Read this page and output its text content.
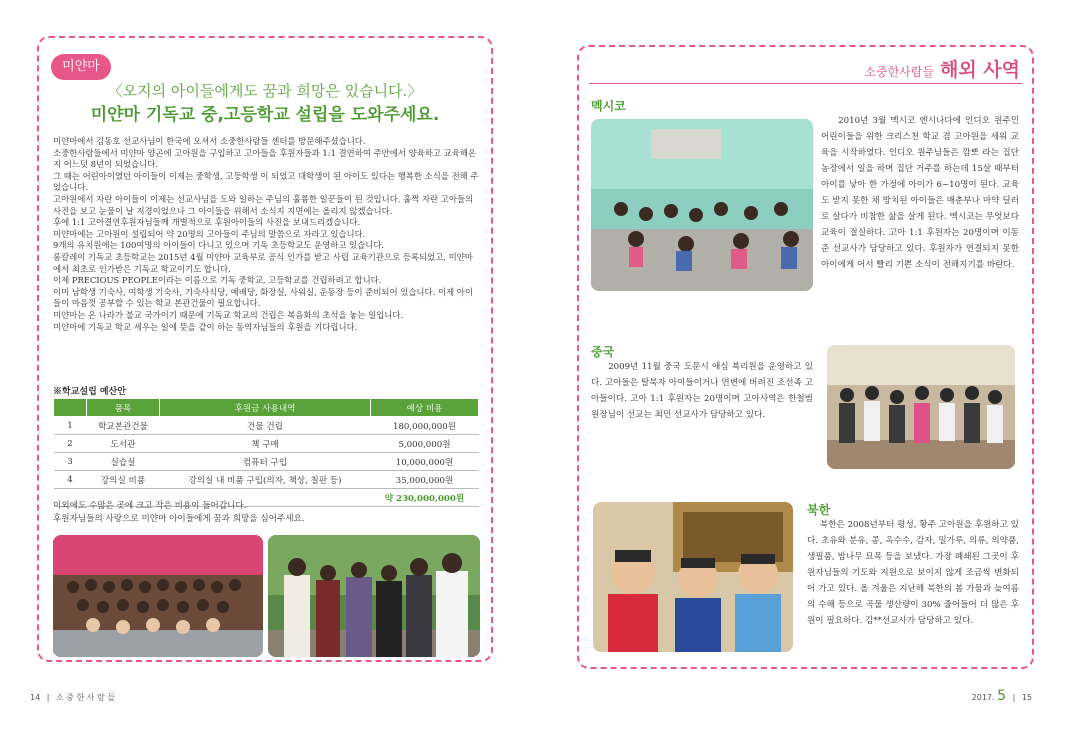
미얀마
〈오지의 아이들에게도 꿈과 희망은 있습니다.〉
미얀마 기독교 중,고등학교 설립을 도와주세요.

미얀마에서 김동호 선교사님이 한국에 오셔서 소중한사람들 센터를 방문해주셨습니다.

소중한사람들에서 미얀마 양곤에 고아원을 구입하고 고아들을 후원자들과 1:1 결연하여 주안에서 양육하고 교육해온지 어느덧 8년이 되었습니다.

그 때는 어린아이였던 아이들이 이제는 중학생, 고등학생 이 되었고 대학생이 된 아이도 있다는 행복한 소식을 전해 주었습니다.

고아원에서 자란 아이들이 이제는 선교사님을 도와 일하는 주님의 훌륭한 일꾼들이 된 것입니다. 훌쩍 자란 고아들의 사진을 보고 눈물이 날 지경이었으나 그 아이들을 위해서 소식지 지면에는 올리지 않겠습니다.

후에 1:1 고아결연후원자님들께 개별적으로 후원아이들의 사진을 보내드리겠습니다.

미얀마에는 고아원이 설립되어 약 20명의 고아들이 주님의 말씀으로 자라고 있습니다.

9개의 유치원에는 100여명의 아이들이 다니고 있으며 기독 초등학교도 운영하고 있습니다.

롱칼레이 기독교 초등학교는 2015년 4월 미얀마 교육부로 공식 인가를 받고 사립 교육기관으로 등록되었고, 미얀마에서 최초로 인가받은 기독교 학교이기도 합니다.

이제 PRECIOUS PEOPLE이라는 이름으로 기독 중학교, 고등학교를 건립하려고 합니다.

이미 남학생 기숙사, 여학생 기숙사, 기숙사식당, 예배당, 화장실, 사워실, 운동장 등이 준비되어 있습니다. 이제 아이들이 마음껏 공부할 수 있는 학교 본관건물이 필요합니다.

미얀마는 온 나라가 불교 국가이기 때문에 기독교 학교의 건립은 복음화의 초석을 놓는 일입니다.

미얀마에 기독교 학교 세우는 일에 뜻을 같이 하는 동역자님들의 후원을 기다립니다.

※학교설립 예산안
	품목	후원금 사용내역	예상 비용
1	학교본관건물	건물 건립	180,000,000원
2	도서관	책 구매	5,000,000원
3	실습실	컴퓨터 구입	10,000,000원
4	강의실 비품	강의실 내 비품 구입(의자, 책상, 칠판 등)	35,000,000원
			약 230,000,000원

이외에도 수많은 곳에 크고 작은 비용이 들어갑니다.

후원자님들의 사랑으로 미얀마 아이들에게 꿈과 희망을 심어주세요.

소중한사람들 해외 사역
멕시코
2010년 3월 멕시코 엔시나다에 인디오 원주민 어린이들을 위한 크리스천 학교 겸 고아원을 세워 교육을 시작하였다. 인디오 원주님들은 깜뽀 라는 집단 농장에서 일을 하며 집단 거주를 하는데 15살 때부터 아이를 낳아 한 가정에 아이가 6~10명이 된다. 교육도 받지 못한 채 방치된 아이들은 매춘부나 마약 딜러로 살다가 비참한 삶을 살게 된다. 멕시코는 무엇보다 교육이 절실하다. 고아 1:1 후원자는 20명이며 이동준 선교사가 담당하고 있다. 후원자가 연결되지 못한 아이에게 어서 빨리 기쁜 소식이 전해지기를 바란다.
중국
2009년 11월 중국 도문시 애심 복리원을 운영하고 있다. 고아들은 탈북자 아이들이거나 연변에 버려진 조선족 고아들이다. 고아 1:1 후원자는 20명이며 고아사역은 한철범 원장님이 선교는 최민 선교사가 담당하고 있다.
북한
북한은 2008년부터 평성, 황주 고아원을 후원하고 있다. 초유와 분유, 콩, 옥수수, 감자, 밀가루, 의류, 의약품, 생필품, 밤나무 묘목 등을 보냈다. 가장 폐쇄된 그곳이 후원자님들의 기도와 지원으로 보이지 않게 조금씩 변화되어 가고 있다. 올 겨울은 지난해 북한의 봄 가뭄과 늦여름의 수해 등으로 곡물 생산량이 30% 줄어들어 더 많은 후원이 필요하다. 김**선교사가 담당하고 있다.
14 | 소 중 한 사 람 들	2017. 5 | 15
